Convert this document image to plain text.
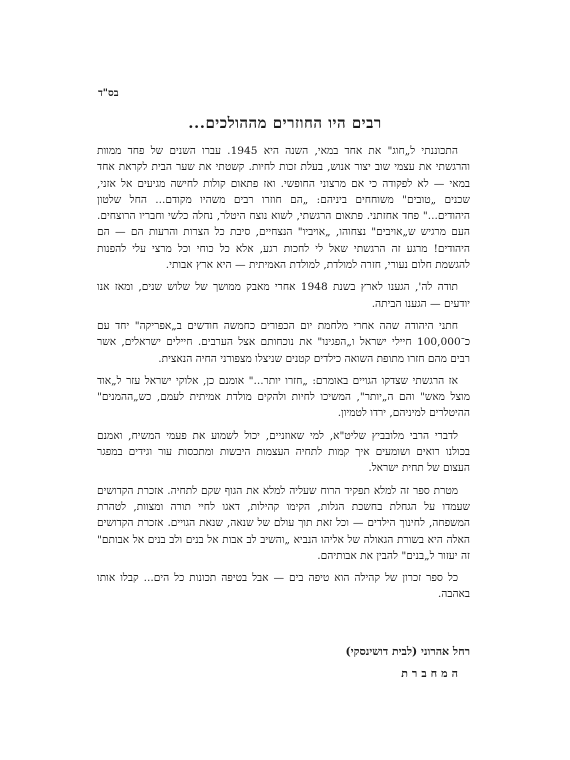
בס"ד
רבים היו החוזרים מההולכים...

התכוננתי ל„חוג" את אחד במאי, השנה היא 1945. עברו השנים של פחד ממוות והרגשתי את עצמי שוב יצור אנוש, בעלת זכות לחיות. קשטתי את שער הבית לקראת אחד במאי — לא לפקודה כי אם מרצוני החופשי. ואז פתאום קולות לחישה מגיעים אל אזני, שכנים „טובים" משוחחים ביניהם: „הם חוזרו רבים משהיו מקודם... החל שלטון היהודים..." פחד אחזתני. פתאום הרגשתי, לשוא נוצח היטלר, נחלה כלשי וחבריו הרוצחים. העם מרגיש ש„אויבים" נצחוהו, „אויביו" הנצחיים, סיבת כל הצרות והרעות הם — הם היהודים! מרגע זה הרגשתי שאל לי לחכות רגע, אלא כל כוחי וכל מרצי עלי להפנות להגשמת חלום נעורי, חזרה למולדת, למולדת האמיתית — היא ארץ אבותי.

תודה לה', הגענו לארץ בשנת 1948 אחרי מאבק ממושך של שלוש שנים, ומאז אנו יודעים — הגענו הביתה.

חתני היהודה שהה אחרי מלחמת יום הכפורים כחמשה חודשים ב„אפריקה" יחד עם כ־100,000 חיילי ישראל ו„הפגינו" את נוכחותם אצל הערבים. חיילים ישראלים, אשר רבים מהם חזרו מתופת השואה כילדים קטנים שניצלו מצפורני החיה הנאצית.

אז הרגשתי שצדקו הגויים באומרם: „חזרו יותר..." אומנם כן, אלוקי ישראל עזר ל„אוד מוצל מאש" והם ה„יותר", המשיכו לחיות ולהקים מולדת אמיתית לעמם, כש„ההמנים" ההיטלרים למיניהם, ירדו לטמיון.

לדברי הרבי מלובביץ שליט"א, למי שאוזניים, יכול לשמוע את פעמי המשיח, ואמנם בכולנו רואים ושומעים איך קמות לתחיה העצמות היבשות ומתכסות עור וגידים במפגר העצום של תחית ישראל.

מטרת ספר זה למלא תפקיד הרוח שעליה למלא את הגוף שקם לתחיה. אזכרת הקדושים שעמדו על הגחלת בחשכת הגלות, הקימו קהילות, דאגו לחיי תורה ומצוות, לטהרת המשפחה, לחינוך הילדים — וכל זאת תוך עולם של שנאה, שנאת הגויים. אזכרת הקדושים האלה היא בשורת הגאולה של אליהו הנביא „והשיב לב אבות אל בנים ולב בנים אל אבותם" זה יעזור ל„בנים" להבין את אבותיהם.

כל ספר זכרון של קהילה הוא טיפה בים — אבל בטיפה תכונות כל הים... קבלו אותו באהבה.

רחל אהרוני (לבית דושינסקי)
המחברת
